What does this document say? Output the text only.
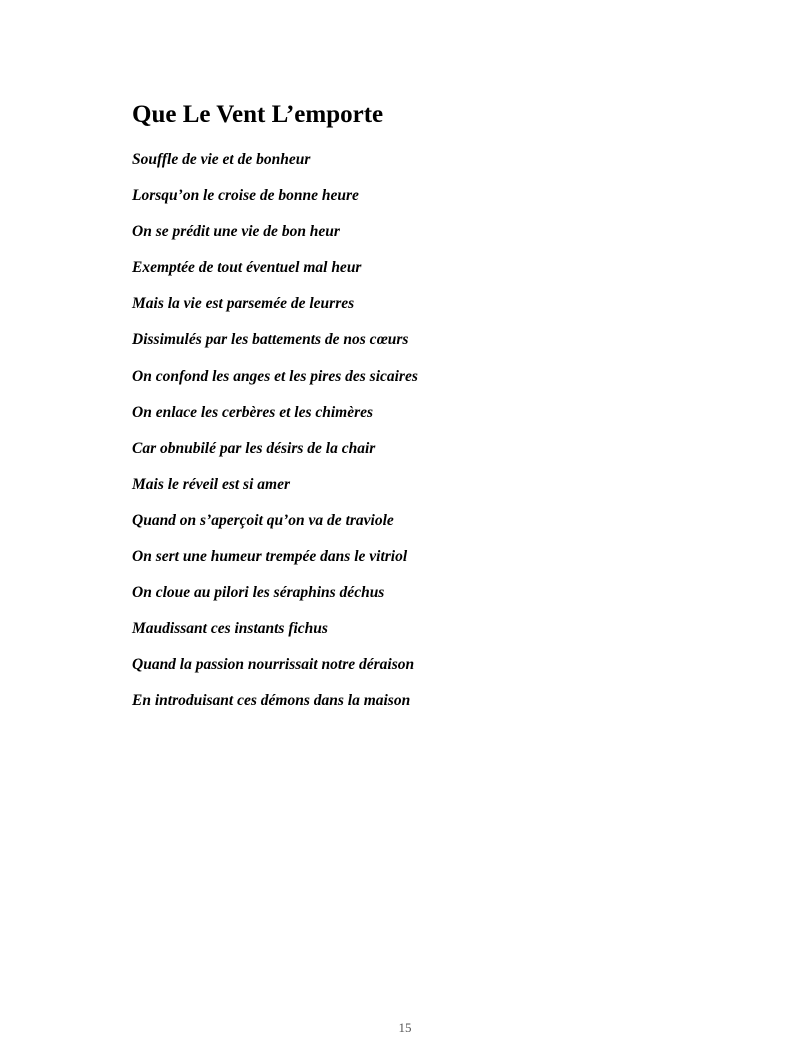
Que Le Vent L’emporte
Souffle de vie et de bonheur
Lorsqu’on le croise de bonne heure
On se prédit une vie de bon heur
Exemptée de tout éventuel mal heur
Mais la vie est parsemée de leurres
Dissimulés par les battements de nos cœurs
On confond les anges et les pires des sicaires
On enlace les cerbères et les chimères
Car obnubilé par les désirs de la chair
Mais le réveil est si amer
Quand on s’aperçoit qu’on va de traviole
On sert une humeur trempée dans le vitriol
On cloue au pilori les séraphins déchus
Maudissant ces instants fichus
Quand la passion nourrissait notre déraison
En introduisant ces démons dans la maison
15
